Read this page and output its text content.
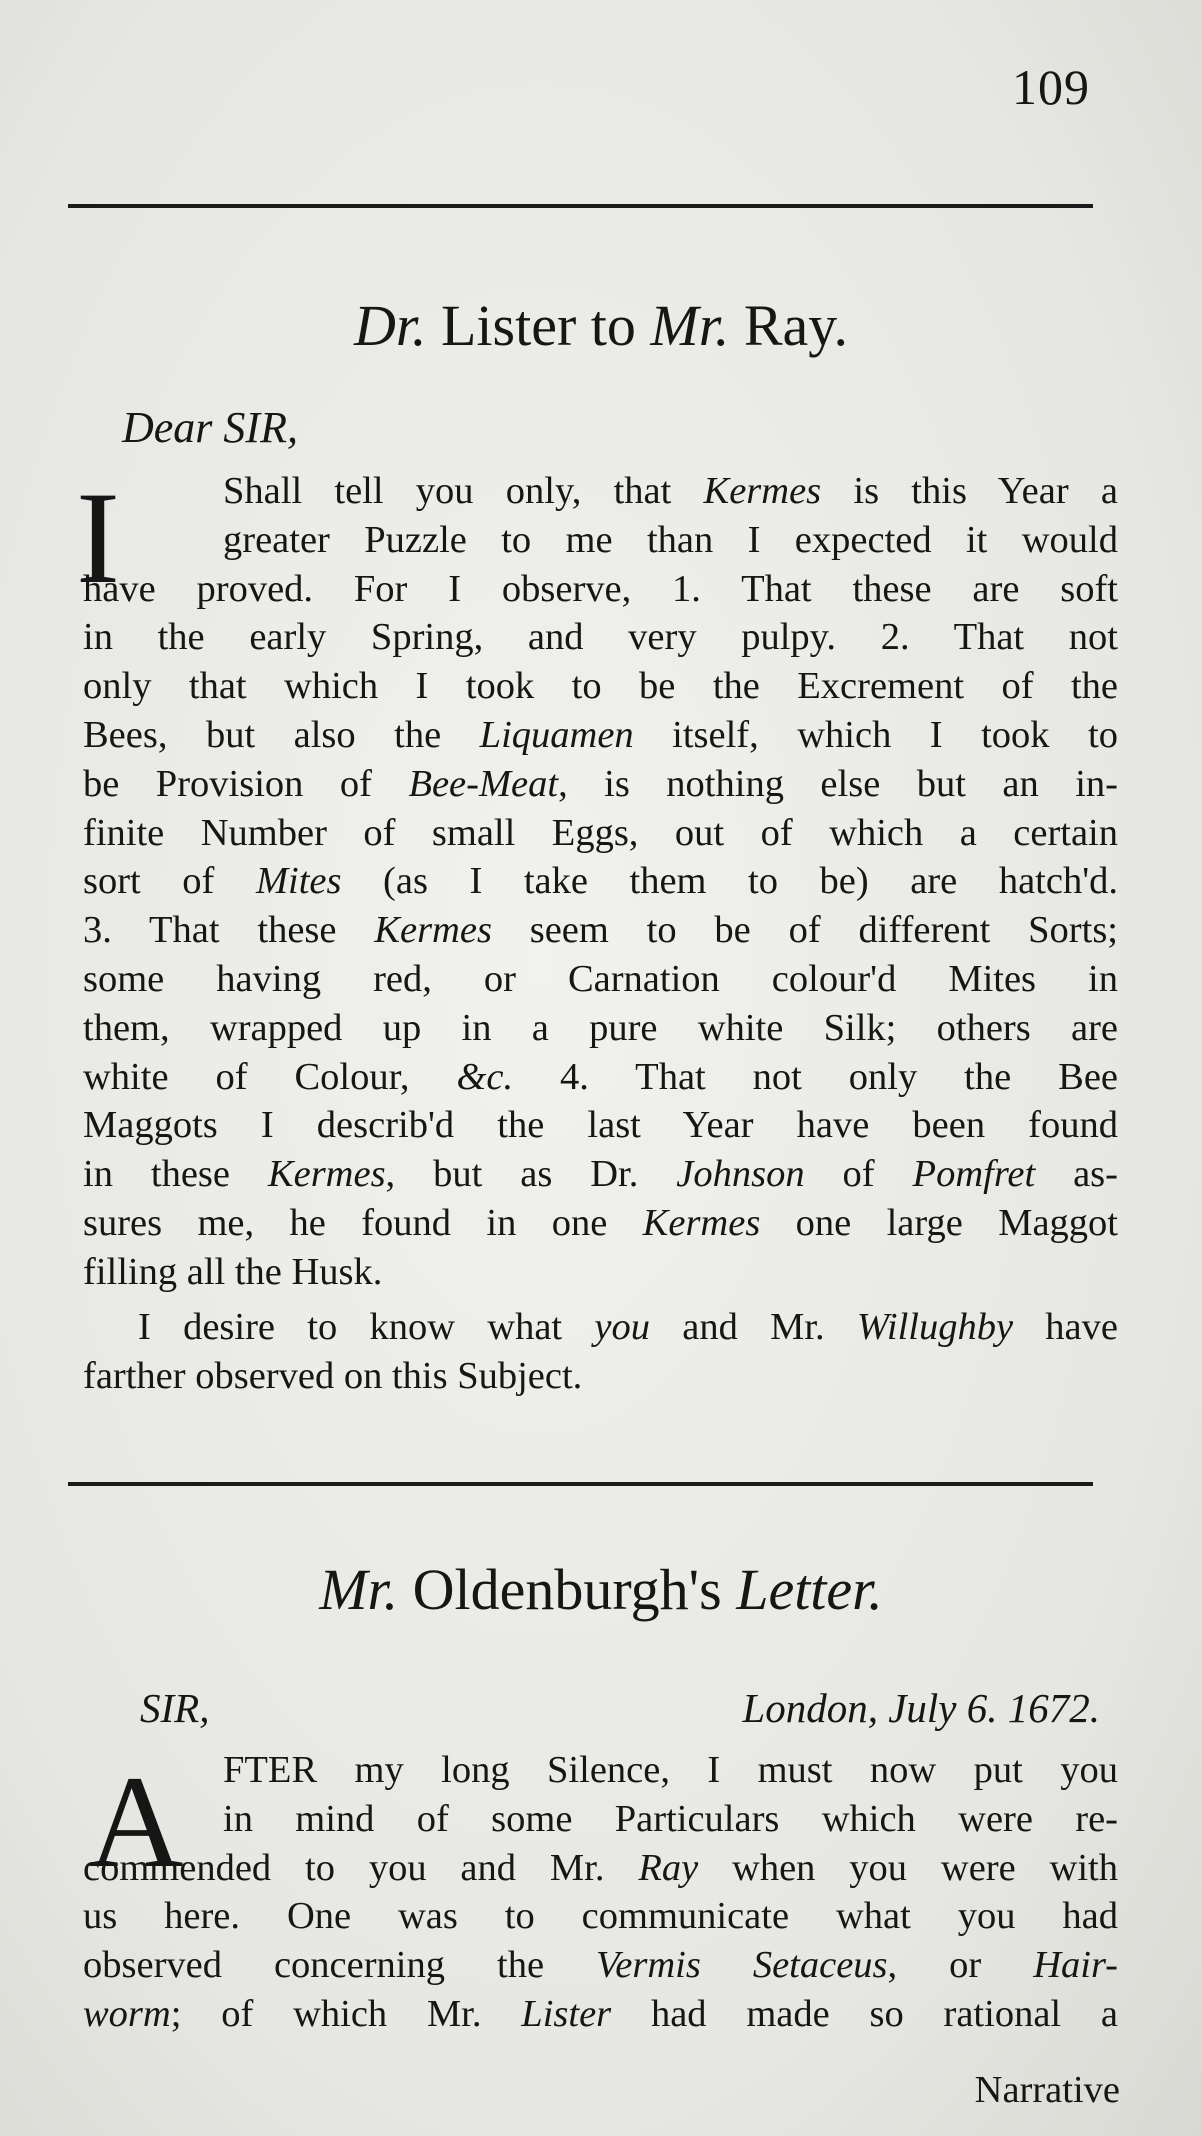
109
Dr. Lister to Mr. Ray.
Dear SIR,
I	Shall tell you only, that Kermes is this Year a
greater Puzzle to me than I expected it would
have proved. For I observe, 1. That these are soft
in the early Spring, and very pulpy. 2. That not
only that which I took to be the Excrement of the
Bees, but also the Liquamen itself, which I took to
be Provision of Bee-Meat, is nothing else but an in-
finite Number of small Eggs, out of which a certain
sort of Mites (as I take them to be) are hatch'd.
3. That these Kermes seem to be of different Sorts;
some having red, or Carnation colour'd Mites in
them, wrapped up in a pure white Silk; others are
white of Colour, &c. 4. That not only the Bee
Maggots I describ'd the last Year have been found
in these Kermes, but as Dr. Johnson of Pomfret as-
sures me, he found in one Kermes one large Maggot
filling all the Husk.
I desire to know what you and Mr. Willughby have
farther observed on this Subject.
Mr. Oldenburgh's Letter.
SIR,	London, July 6. 1672.
A	FTER my long Silence, I must now put you
in mind of some Particulars which were re-
commended to you and Mr. Ray when you were with
us here. One was to communicate what you had
observed concerning the Vermis Setaceus, or Hair-
worm; of which Mr. Lister had made so rational a
Narrative
